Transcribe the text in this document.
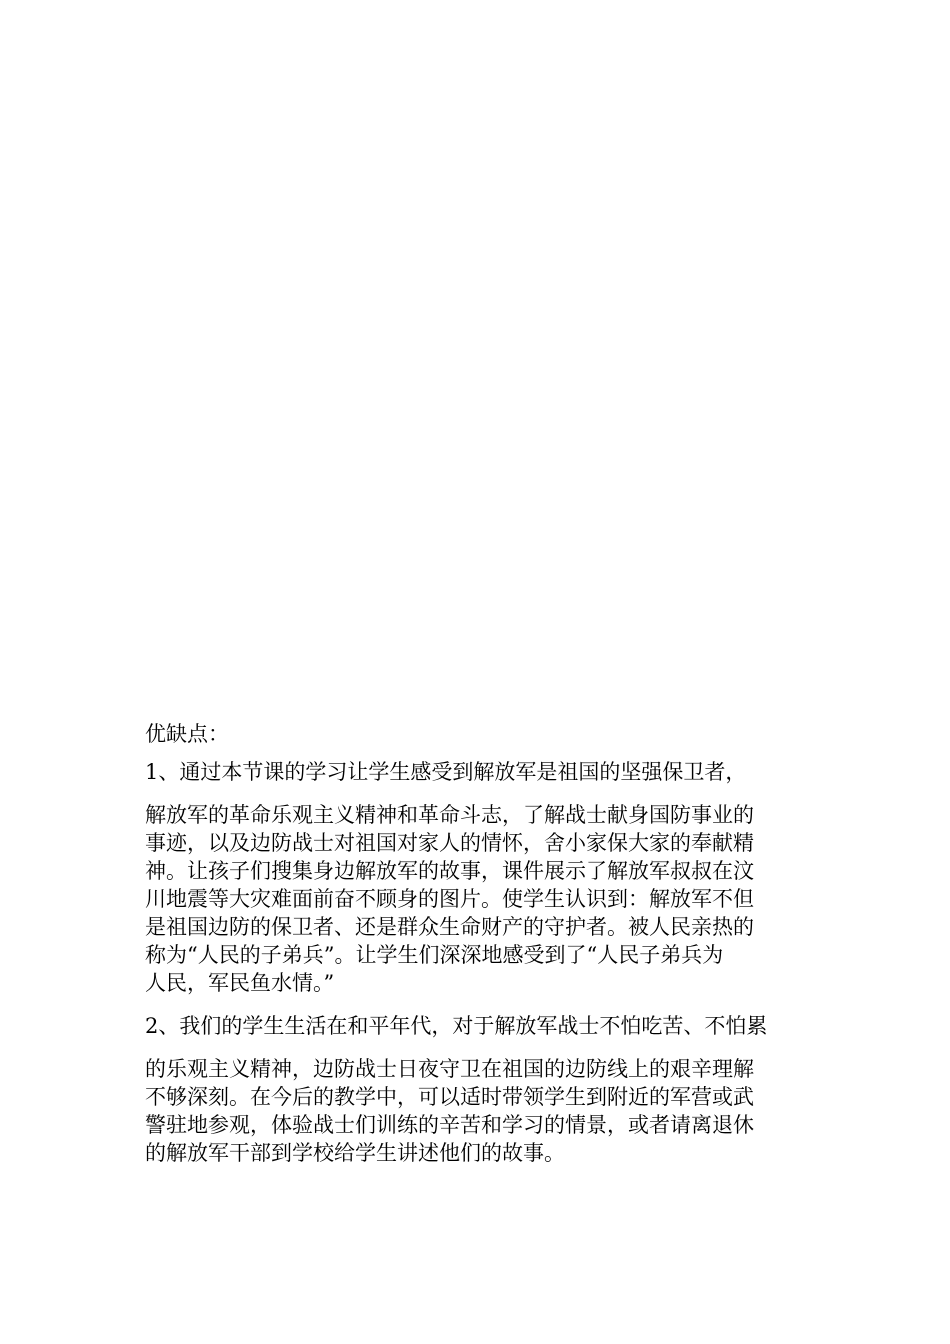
优缺点：

1、通过本节课的学习让学生感受到解放军是祖国的坚强保卫者，

解放军的革命乐观主义精神和革命斗志，了解战士献身国防事业的

事迹，以及边防战士对祖国对家人的情怀，舍小家保大家的奉献精

神。让孩子们搜集身边解放军的故事，课件展示了解放军叔叔在汶

川地震等大灾难面前奋不顾身的图片。使学生认识到：解放军不但

是祖国边防的保卫者、还是群众生命财产的守护者。被人民亲热的

称为“人民的子弟兵”。让学生们深深地感受到了“人民子弟兵为

人民，军民鱼水情。”

2、我们的学生生活在和平年代，对于解放军战士不怕吃苦、不怕累

的乐观主义精神，边防战士日夜守卫在祖国的边防线上的艰辛理解

不够深刻。在今后的教学中，可以适时带领学生到附近的军营或武

警驻地参观，体验战士们训练的辛苦和学习的情景，或者请离退休

的解放军干部到学校给学生讲述他们的故事。
